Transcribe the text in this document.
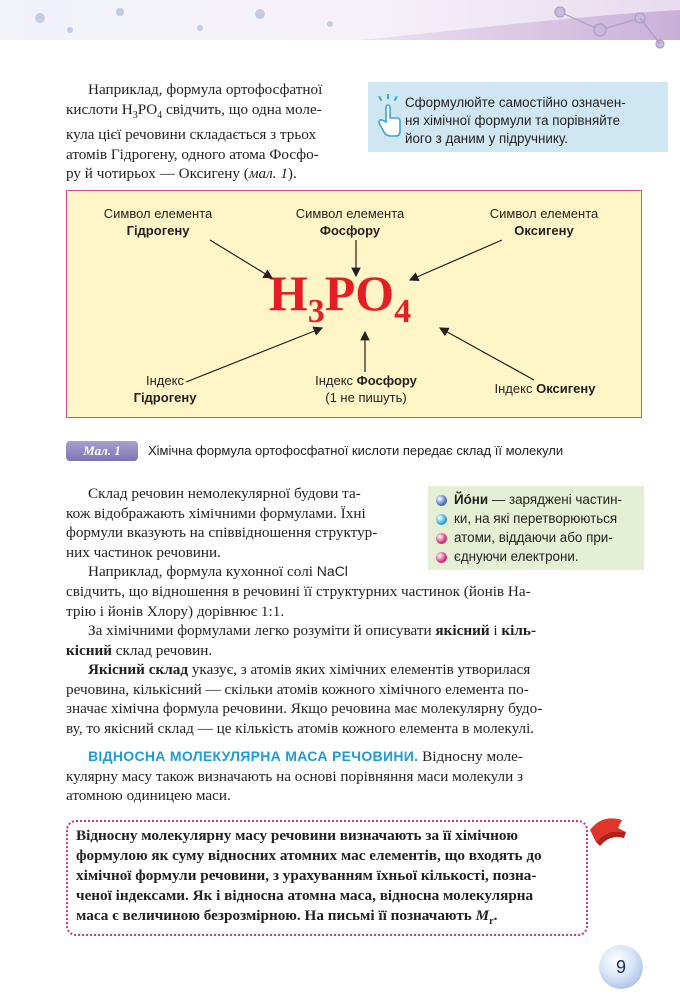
Наприклад, формула ортофосфатної
кислоти $H_3PO_4$ свідчить, що одна моле-
кула цієї речовини складається з трьох
атомів Гідрогену, одного атома Фосфо-
ру й чотирьох — Оксигену (мал. 1).

Сформулюйте самостійно означен-
ня хімічної формули та порівняйте
його з даним у підручнику.
Символ елемента
Гідрогену
Символ елемента
Фосфору
Символ елемента
Оксигену
$H_3PO_4$
Індекс
Гідрогену
Індекс Фосфору
(1 не пишуть)
Індекс Оксигену
Мал. 1	Хімічна формула ортофосфатної кислоти передає склад її молекули
Йóни — заряджені частин-
ки, на які перетворюються
атоми, віддаючи або при-
єднуючи електрони.

Склад речовин немолекулярної будови та-
кож відображають хімічними формулами. Їхні
формули вказують на співвідношення структур-
них частинок речовини.
Наприклад, формула кухонної солі NaCl

свідчить, що відношення в речовині її структурних частинок (йонів На-
трію і йонів Хлору) дорівнює 1:1.
За хімічними формулами легко розуміти й описувати якісний і кіль-
кісний склад речовин.
Якісний склад указує, з атомів яких хімічних елементів утворилася
речовина, кількісний — скільки атомів кожного хімічного елемента по-
значає хімічна формула речовини. Якщо речовина має молекулярну будо-
ву, то якісний склад — це кількість атомів кожного елемента в молекулі.

ВІДНОСНА МОЛЕКУЛЯРНА МАСА РЕЧОВИНИ. Відносну моле-
кулярну масу також визначають на основі порівняння маси молекули з
атомною одиницею маси.

Відносну молекулярну масу речовини визначають за її хімічною
формулою як суму відносних атомних мас елементів, що входять до
хімічної формули речовини, з урахуванням їхньої кількості, позна-
ченої індексами. Як і відносна атомна маса, відносна молекулярна
маса є величиною безрозмірною. На письмі її позначають $M_r$.

9
